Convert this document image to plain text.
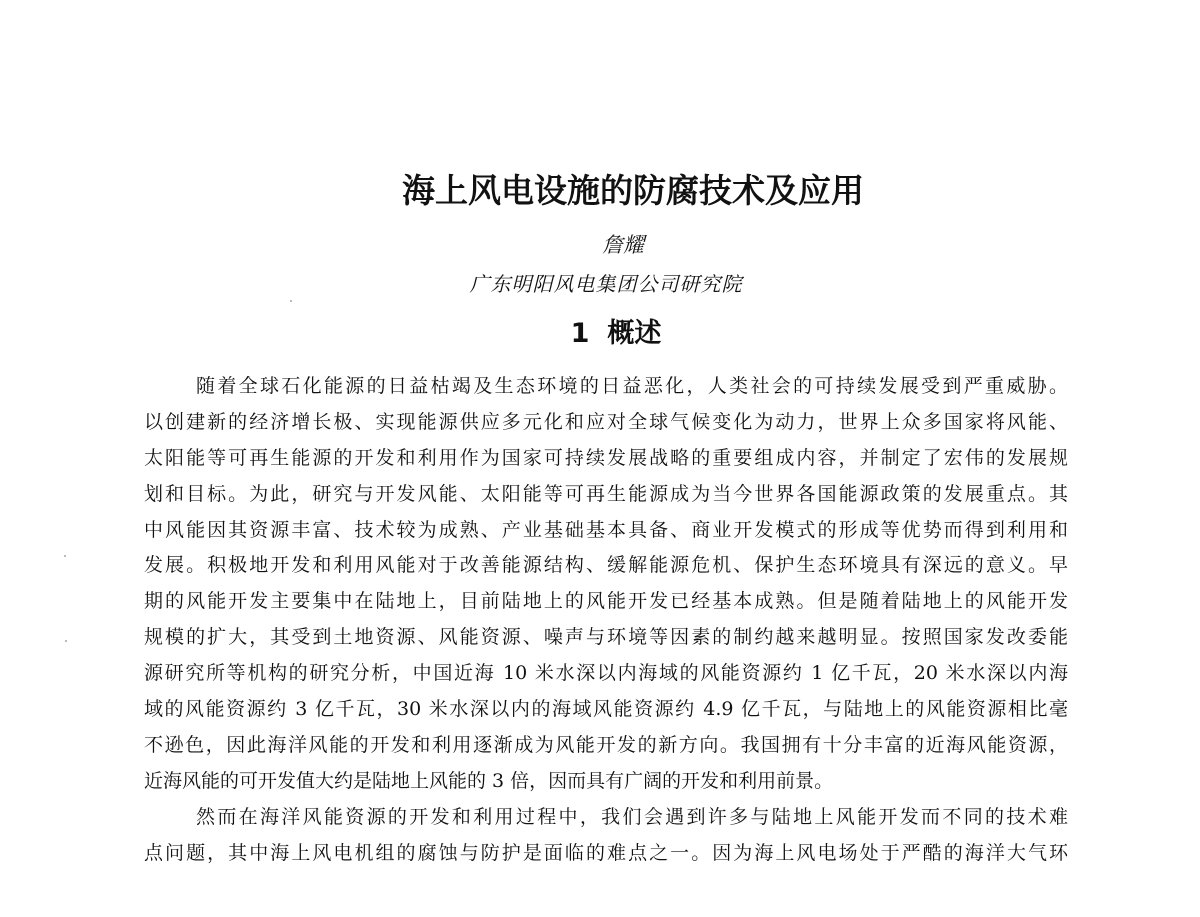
海上风电设施的防腐技术及应用
詹耀
广东明阳风电集团公司研究院
1 概述
随着全球石化能源的日益枯竭及生态环境的日益恶化，人类社会的可持续发展受到严重威胁。
以创建新的经济增长极、实现能源供应多元化和应对全球气候变化为动力，世界上众多国家将风能、
太阳能等可再生能源的开发和利用作为国家可持续发展战略的重要组成内容，并制定了宏伟的发展规
划和目标。为此，研究与开发风能、太阳能等可再生能源成为当今世界各国能源政策的发展重点。其
中风能因其资源丰富、技术较为成熟、产业基础基本具备、商业开发模式的形成等优势而得到利用和
发展。积极地开发和利用风能对于改善能源结构、缓解能源危机、保护生态环境具有深远的意义。早
期的风能开发主要集中在陆地上，目前陆地上的风能开发已经基本成熟。但是随着陆地上的风能开发
规模的扩大，其受到土地资源、风能资源、噪声与环境等因素的制约越来越明显。按照国家发改委能
源研究所等机构的研究分析，中国近海 10 米水深以内海域的风能资源约 1 亿千瓦，20 米水深以内海
域的风能资源约 3 亿千瓦，30 米水深以内的海域风能资源约 4.9 亿千瓦，与陆地上的风能资源相比毫
不逊色，因此海洋风能的开发和利用逐渐成为风能开发的新方向。我国拥有十分丰富的近海风能资源，
近海风能的可开发值大约是陆地上风能的 3 倍，因而具有广阔的开发和利用前景。
然而在海洋风能资源的开发和利用过程中，我们会遇到许多与陆地上风能开发而不同的技术难
点问题，其中海上风电机组的腐蚀与防护是面临的难点之一。因为海上风电场处于严酷的海洋大气环
